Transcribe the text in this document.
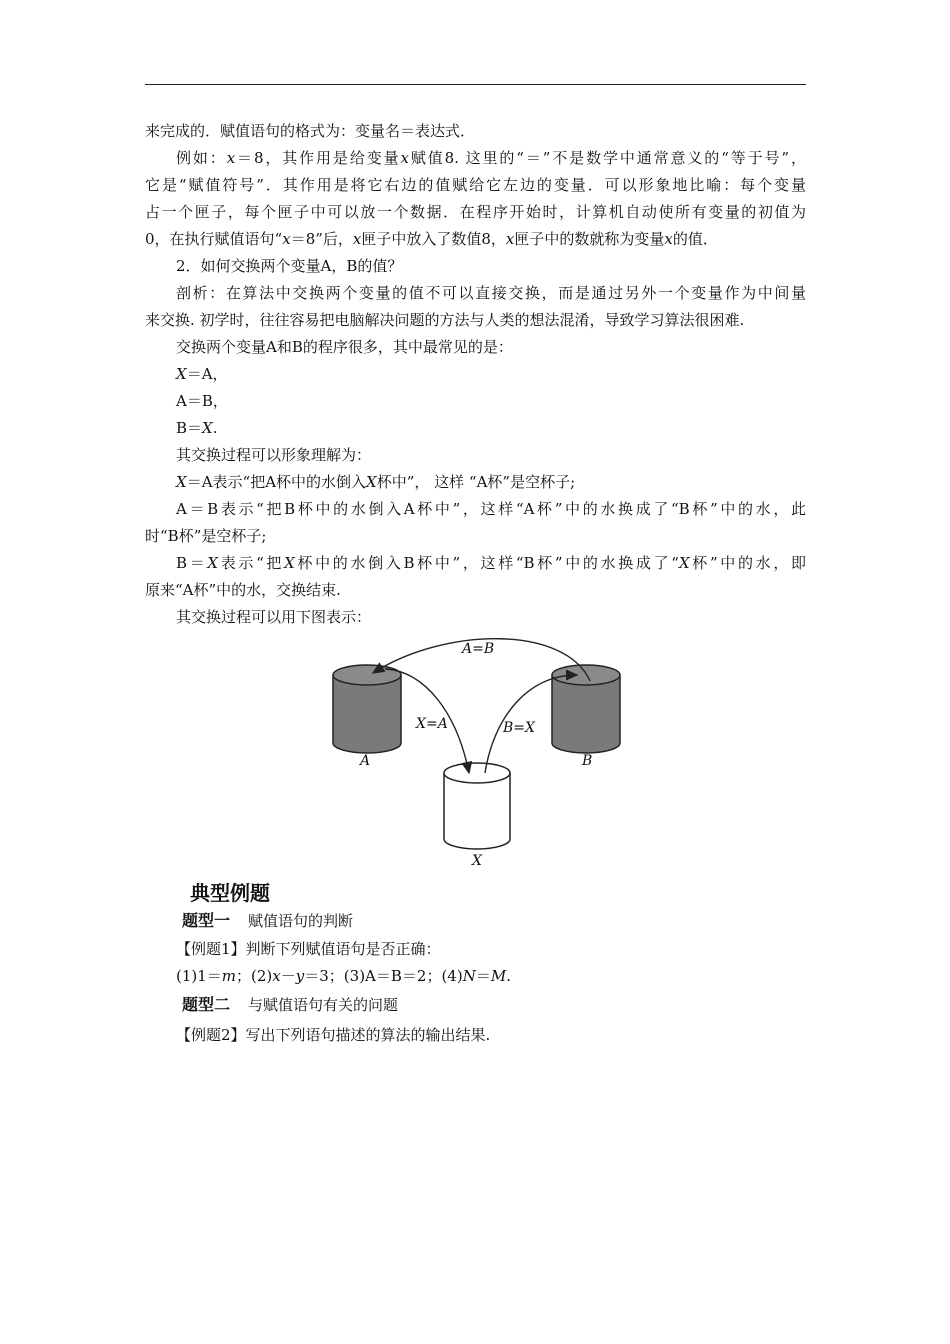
来完成的．赋值语句的格式为：变量名＝表达式．
例如：x＝8，其作用是给变量x赋值8. 这里的“＝”不是数学中通常意义的“等于号”，
它是“赋值符号”．其作用是将它右边的值赋给它左边的变量．可以形象地比喻：每个变量
占一个匣子，每个匣子中可以放一个数据．在程序开始时，计算机自动使所有变量的初值为
0，在执行赋值语句“x＝8”后，x匣子中放入了数值8，x匣子中的数就称为变量x的值．
2．如何交换两个变量A，B的值？
剖析：在算法中交换两个变量的值不可以直接交换，而是通过另外一个变量作为中间量
来交换. 初学时，往往容易把电脑解决问题的方法与人类的想法混淆，导致学习算法很困难.
交换两个变量A和B的程序很多，其中最常见的是：
X＝A，
A＝B，
B＝X.
其交换过程可以形象理解为：
X＝A表示“把A杯中的水倒入X杯中”， 这样 “A杯”是空杯子;
A＝B表示“把B杯中的水倒入A杯中”，这样“A杯”中的水换成了“B杯”中的水，此
时“B杯”是空杯子;
B＝X表示“把X杯中的水倒入B杯中”，这样“B杯”中的水换成了“X杯”中的水，即
原来“A杯”中的水，交换结束.
其交换过程可以用下图表示：
A=B
X=A	B=X
A	B
X
典型例题
题型一 赋值语句的判断
【例题1】判断下列赋值语句是否正确：
(1)1＝m；(2)x－y＝3；(3)A＝B＝2；(4)N＝M.
题型二 与赋值语句有关的问题
【例题2】写出下列语句描述的算法的输出结果.
